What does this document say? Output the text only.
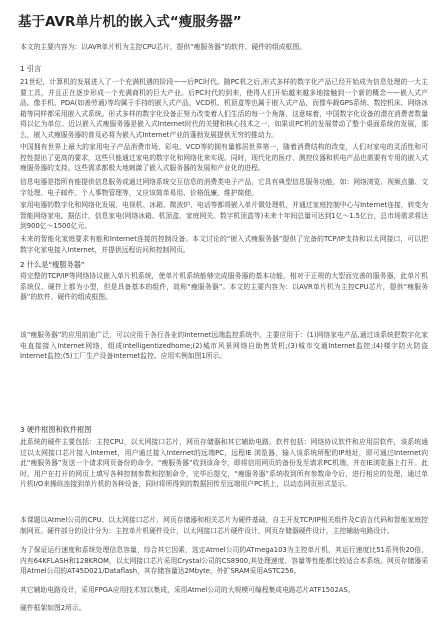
基于AVR单片机的嵌入式“瘦服务器”

本文的主要内容为：以AVR单片机为主控CPU芯片，提供“瘦服务器”的软件、硬件的组成框图。

1 引言

21世纪，计算机的发展进入了一个充满机遇的阶段——后PC时代。随PC机之后,形式多样的数字化产品已经开始成为信息处理的一大主要工具，并且正在逐步形成一个充满商机的巨大产业。后PC时代的到来，使得人们开始越来越多地接触到一个新的概念——嵌入式产品。像手机、PDA(如善劳通)等均属于手持的嵌入式产品，VCD机、机顶盒等也属于嵌入式产品，而像车载GPS系统、数控机床、网络冰箱等同样都采用嵌入式系统。形式多样的数字化设备正努力改变着人们生活的每一个角落，这意味着，中国数字化设备的潜在消费者数量将以亿为单位。近以嵌入式瘦服务器是嵌入式Internet时代的关键和核心技术之一，如果说PC机的发展带动了整个桌面系统的发展，那么，嵌入式瘦服务器的普及必将为嵌入式Internet产业的蓬勃发展提供无穷的推动力。

中国拥有世界上最大的家用电子产品消费市场，彩电、VCD等的拥有量都居世界第一，随着消费结构的改变，人们对家电的灵活性和可控性提出了更高的要求，这些只能通过家电的数字化和网络化来实现。同时，现代化的医疗、测控仪器和机电产品也需要有专用的嵌入式瘦服务器的支持。这些需求都极大地刺激了嵌入式服务器的发展和产业化的进程。

信息电器是指所有能提供信息服务或通过网络系统交互信息的消费类电子产品，它具有典型信息服务功能，如：网络浏览、视频点播、文字处理、电子邮件、个人事物管理等，又应该简单易用、价格低廉、维护简便。

家用电器的数字化和网络化发展，电视机、冰箱、微波炉、电话等都将嵌入单片微处理机，并通过家庭控制中心与Internet连接，转变为智能网络家电。据估计，信息家电(网络冰箱、机顶盒、家庭网关、数字机顶盒等)未来十年间总量可达到1亿～1.5亿台，总市场需求将达到900亿～1500亿元。

未来的智能化家庭要求有能和Internet连接的控制设备。本文讨论的“嵌入式瘦服务器”提供了完备的TCP/IP支持和以太网接口，可以把数字化家电接入Internet，并提供远程访问和控制网页。

2 什么是“瘦服务器”

将完整的TCP/IP等网络协议嵌入单片机系统，使单片机系统能够完成服务器的基本功能，相对于正规的大型而完善的服务器，此单片机系统仅、硬件上都为小型，但是具备基本的组件，故称“瘦服务器”。本文的主要内容为：以AVR单片机为主控CPU芯片，提供“瘦服务器”的软件、硬件的组成框图。

该“瘦服务器”的应用前途广泛，可以应用于各行各业的Internet远端监控系统中。主要应用于：(1)网络家电产品,通过该系统把数字化家电直接接入Internet网络，组成intelligentizedhome;(2)城市风景网络自助售货机;(3)城市交通Internet监控;(4)楼宇防火防盗Internet监控;(5)工厂生产设备Internet监控。应用实例如图1所示。

3 硬件框图和软件框图

此系统的硬件主要包括：主控CPU，以太网接口芯片，网页存储器和其它辅助电路。软件包括：网络协议软件和应用层软件，该系统通过以太网接口芯片接入Internet，用户通过接入Internet的远端PC，远程IE 浏览器，输入该系统所配的IP地址，即可通过Internet向此“瘦服务器”发送一个请求网页备份的命令。“瘦服务器”收到该命令，即将信用网页的备份发至请求PC机端，并在IE浏览器上打开。此时，用户在打开的网页上填写各种控制参数和控制命令，完毕后提交，“瘦服务器”系统收到所有参数命令后，进行相应的处理，通过单片机I/O来操纵连接到单片机的各种设备，同时将所得到的数据回传至远端用户PC机上，以动态网页形式显示。

本课题以Atmel公司的CPU、以太网接口芯片、网页存储器和相关芯片为硬件基础，自主开发TCP/IP相关组件及C语言代码和智能家庭控制网页。硬件部分的设计分为：主控单片机硬件设计，以太网接口芯片硬件设计，网页存储器硬件设计，主控辅助电路设计。

为了保证运行速度和系统处理信息容量，综合其它因素，选定Atmel公司的ATmega103为主控单片机，其运行速度比51系列快20倍，内有64KFLASH和128KROM，以太网接口芯片采用Crystal公司的CS8900,其处理速度、容量等性能都比较适合本系统。网页存储器采用Atmel公司的AT45D021/Dataflash，其存储容量达2Mbyte，外扩SRAM采用ASTC256。

其它辅助电路设计，采用FPGA应用技术加以集成，采用Atmel公司的大规模可编程集成电路芯片ATF1502AS。

硬件框架如图2所示。
